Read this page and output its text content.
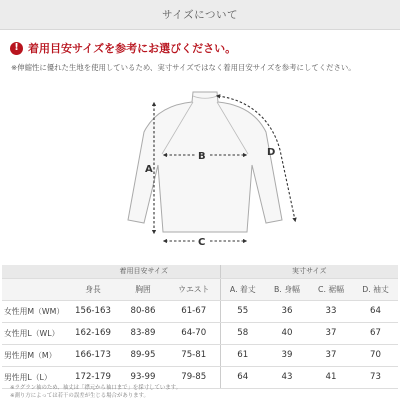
サイズについて
! 着用目安サイズを参考にお選びください。
※伸縮性に優れた生地を使用しているため、実寸サイズではなく着用目安サイズを参考にしてください。
A
B
C
D
	着用目安サイズ			実寸サイズ			
	身長	胸囲	ウエスト	A. 着丈	B. 身幅	C. 裾幅	D. 袖丈
女性用M（WM）	156-163	80-86	61-67	55	36	33	64
女性用L（WL）	162-169	83-89	64-70	58	40	37	67
男性用M（M）	166-173	89-95	75-81	61	39	37	70
男性用L（L）	172-179	93-99	79-85	64	43	41	73
※ラグラン袖のため、袖丈は「襟元から袖口まで」を採寸しています。
※測り方によっては若干の誤差が生じる場合があります。
